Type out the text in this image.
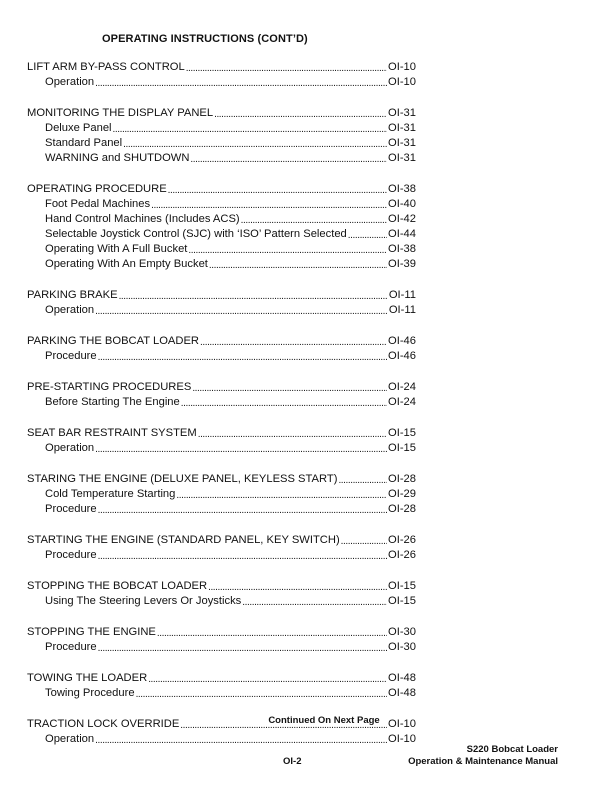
OPERATING INSTRUCTIONS (CONT’D)
LIFT ARM BY-PASS CONTROL . . .	OI-10
Operation . . .	OI-10
MONITORING THE DISPLAY PANEL . . .	OI-31
Deluxe Panel . . .	OI-31
Standard Panel . . .	OI-31
WARNING and SHUTDOWN . . .	OI-31
OPERATING PROCEDURE . . .	OI-38
Foot Pedal Machines . . .	OI-40
Hand Control Machines (Includes ACS) . . .	OI-42
Selectable Joystick Control (SJC) with ‘ISO’ Pattern Selected . . .	OI-44
Operating With A Full Bucket . . .	OI-38
Operating With An Empty Bucket . . .	OI-39
PARKING BRAKE . . .	OI-11
Operation . . .	OI-11
PARKING THE BOBCAT LOADER . . .	OI-46
Procedure . . .	OI-46
PRE-STARTING PROCEDURES . . .	OI-24
Before Starting The Engine . . .	OI-24
SEAT BAR RESTRAINT SYSTEM . . .	OI-15
Operation . . .	OI-15
STARING THE ENGINE (DELUXE PANEL, KEYLESS START) . . .	OI-28
Cold Temperature Starting . . .	OI-29
Procedure . . .	OI-28
STARTING THE ENGINE (STANDARD PANEL, KEY SWITCH) . . .	OI-26
Procedure . . .	OI-26
STOPPING THE BOBCAT LOADER . . .	OI-15
Using The Steering Levers Or Joysticks . . .	OI-15
STOPPING THE ENGINE . . .	OI-30
Procedure . . .	OI-30
TOWING THE LOADER . . .	OI-48
Towing Procedure . . .	OI-48
TRACTION LOCK OVERRIDE . . .	OI-10
Operation . . .	OI-10
Continued On Next Page
OI-2
S220 Bobcat Loader
Operation & Maintenance Manual
